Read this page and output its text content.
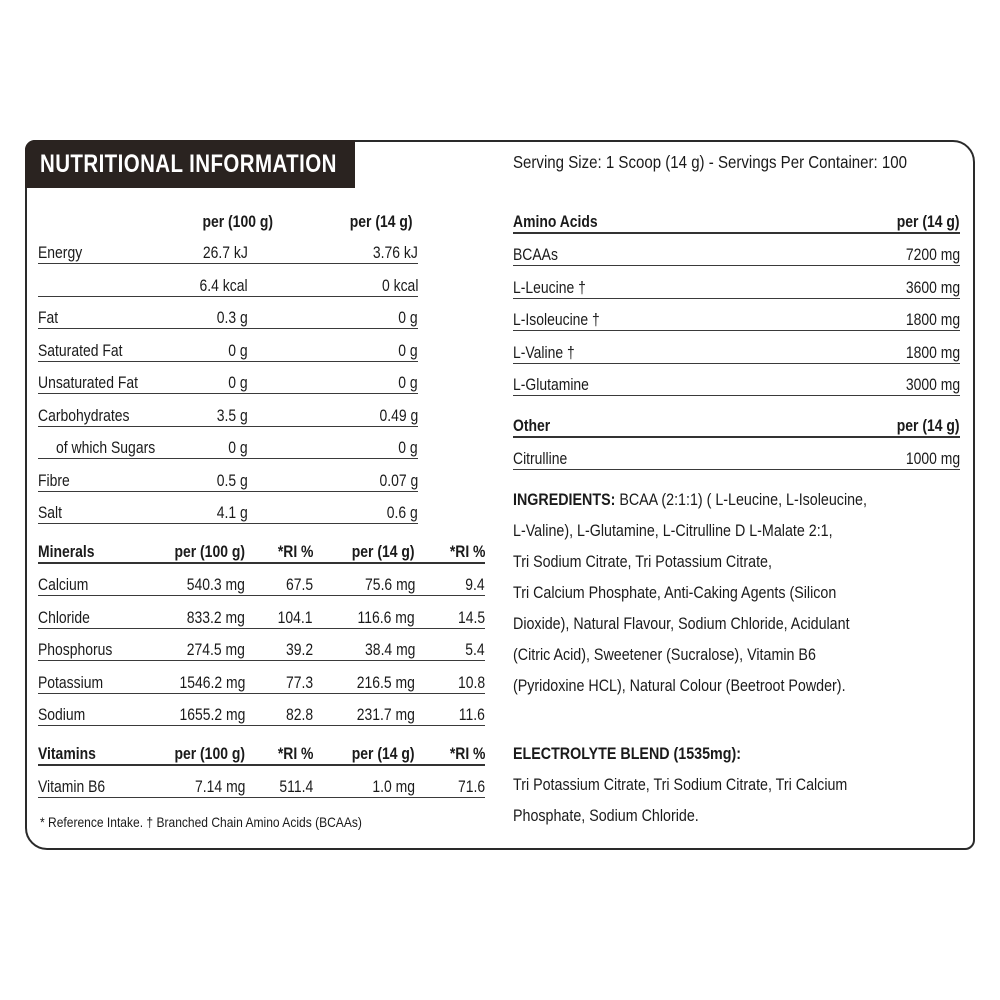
NUTRITIONAL INFORMATION	Serving Size: 1 Scoop (14 g) - Servings Per Container: 100
	per (100 g)		per (14 g)	
Energy	26.7 kJ		3.76 kJ	
	6.4 kcal		0 kcal	
Fat	0.3 g		0 g	
Saturated Fat	0 g		0 g	
Unsaturated Fat	0 g		0 g	
Carbohydrates	3.5 g		0.49 g	
of which Sugars	0 g		0 g	
Fibre	0.5 g		0.07 g	
Salt	4.1 g		0.6 g	
Minerals	per (100 g)	*RI %	per (14 g)	*RI %
Calcium	540.3 mg	67.5	75.6 mg	9.4
Chloride	833.2 mg	104.1	116.6 mg	14.5
Phosphorus	274.5 mg	39.2	38.4 mg	5.4
Potassium	1546.2 mg	77.3	216.5 mg	10.8
Sodium	1655.2 mg	82.8	231.7 mg	11.6
Vitamins	per (100 g)	*RI %	per (14 g)	*RI %
Vitamin B6	7.14 mg	511.4	1.0 mg	71.6
* Reference Intake. † Branched Chain Amino Acids (BCAAs)
Amino Acids	per (14 g)
BCAAs	7200 mg
L-Leucine †	3600 mg
L-Isoleucine †	1800 mg
L-Valine †	1800 mg
L-Glutamine	3000 mg
Other	per (14 g)
Citrulline	1000 mg
INGREDIENTS: BCAA (2:1:1) ( L-Leucine, L-Isoleucine,
L-Valine), L-Glutamine, L-Citrulline D L-Malate 2:1,
Tri Sodium Citrate, Tri Potassium Citrate,
Tri Calcium Phosphate, Anti-Caking Agents (Silicon
Dioxide), Natural Flavour, Sodium Chloride, Acidulant
(Citric Acid), Sweetener (Sucralose), Vitamin B6
(Pyridoxine HCL), Natural Colour (Beetroot Powder).
ELECTROLYTE BLEND (1535mg):
Tri Potassium Citrate, Tri Sodium Citrate, Tri Calcium
Phosphate, Sodium Chloride.
